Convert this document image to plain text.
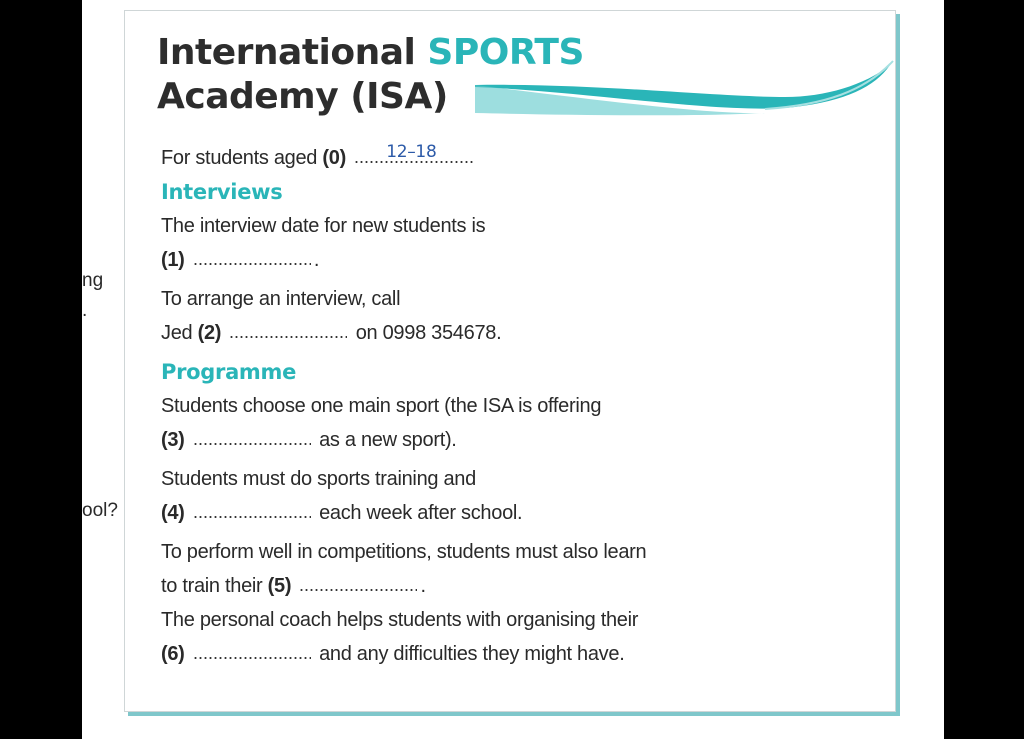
ng
.
ool?
International SPORTS
Academy (ISA)
For students aged (0) 12–18
Interviews
The interview date for new students is
(1)	.
To arrange an interview, call
Jed (2)	on 0998 354678.
Programme
Students choose one main sport (the ISA is offering
(3)	as a new sport).
Students must do sports training and
(4)	each week after school.
To perform well in competitions, students must also learn
to train their (5)	.
The personal coach helps students with organising their
(6)	and any difficulties they might have.
